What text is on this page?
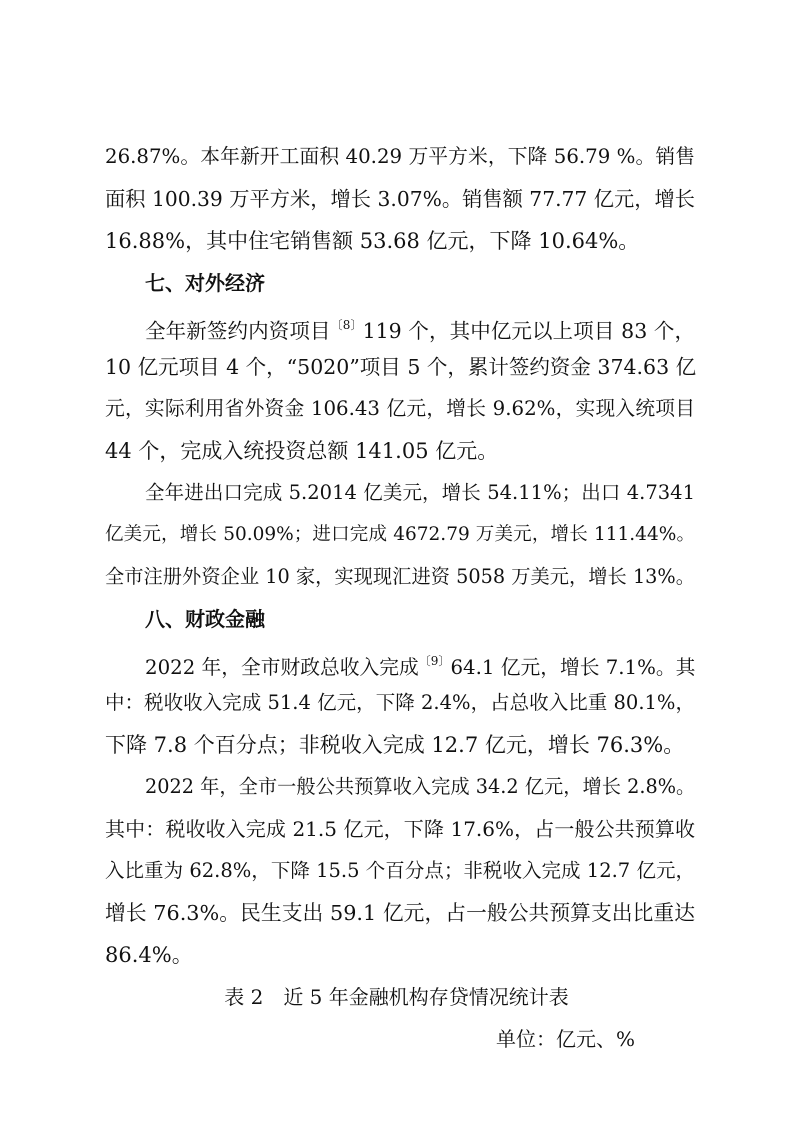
26.87%。本年新开工面积 40.29 万平方米，下降 56.79 %。销售
面积 100.39 万平方米，增长 3.07%。销售额 77.77 亿元，增长
16.88%，其中住宅销售额 53.68 亿元，下降 10.64%。
七、对外经济
全年新签约内资项目$^{〔8〕}$119 个，其中亿元以上项目 83 个，
10 亿元项目 4 个，“5020”项目 5 个，累计签约资金 374.63 亿
元，实际利用省外资金 106.43 亿元，增长 9.62%，实现入统项目
44 个，完成入统投资总额 141.05 亿元。
全年进出口完成 5.2014 亿美元，增长 54.11%；出口 4.7341
亿美元，增长 50.09%；进口完成 4672.79 万美元，增长 111.44%。
全市注册外资企业 10 家，实现现汇进资 5058 万美元，增长 13%。
八、财政金融
2022 年，全市财政总收入完成$^{〔9〕}$64.1 亿元，增长 7.1%。其
中：税收收入完成 51.4 亿元，下降 2.4%，占总收入比重 80.1%，
下降 7.8 个百分点；非税收入完成 12.7 亿元，增长 76.3%。
2022 年，全市一般公共预算收入完成 34.2 亿元，增长 2.8%。
其中：税收收入完成 21.5 亿元，下降 17.6%，占一般公共预算收
入比重为 62.8%，下降 15.5 个百分点；非税收入完成 12.7 亿元，
增长 76.3%。民生支出 59.1 亿元，占一般公共预算支出比重达
86.4%。
表 2　近 5 年金融机构存贷情况统计表
单位：亿元、%
